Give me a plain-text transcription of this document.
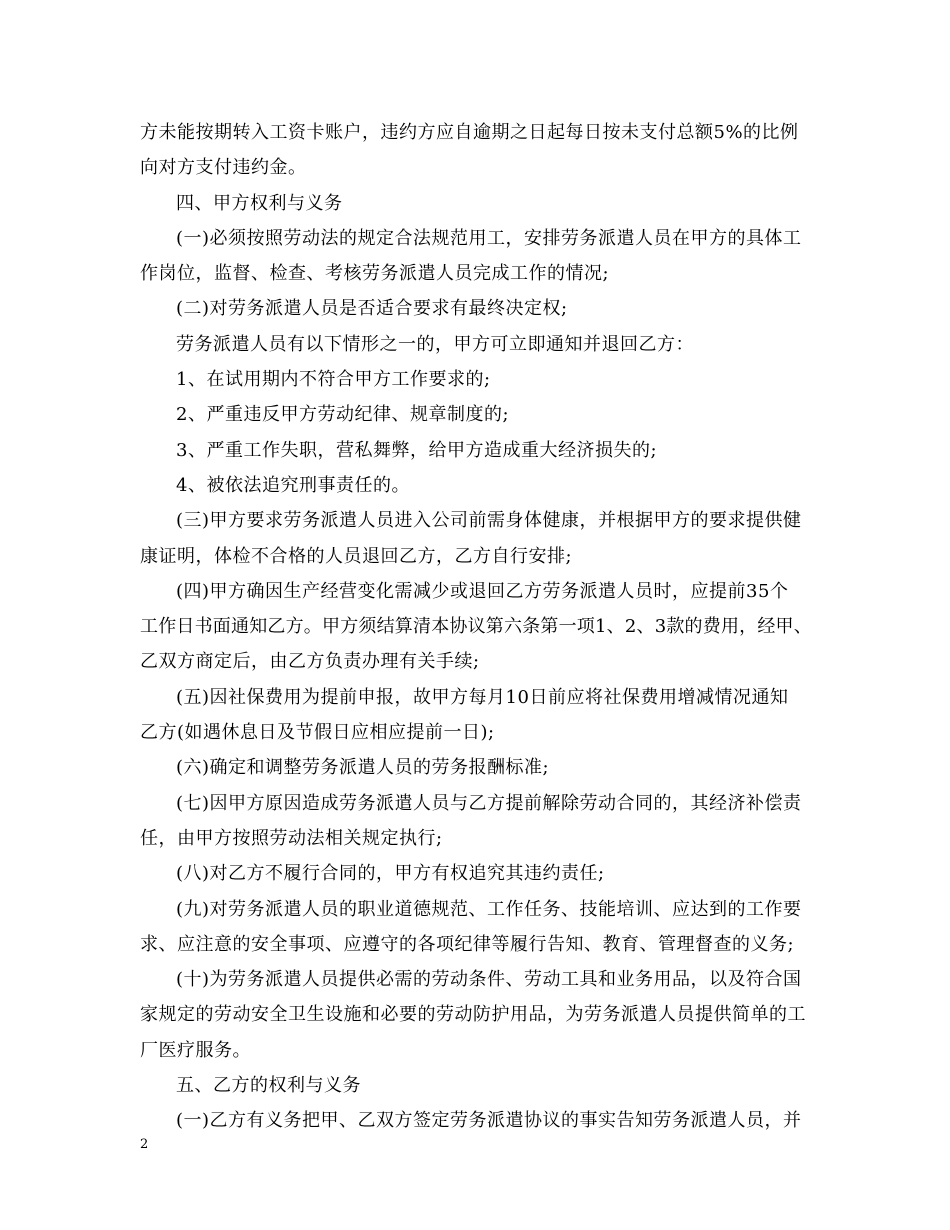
方未能按期转入工资卡账户，违约方应自逾期之日起每日按未支付总额5%的比例
向对方支付违约金。
四、甲方权利与义务
(一)必须按照劳动法的规定合法规范用工，安排劳务派遣人员在甲方的具体工
作岗位，监督、检查、考核劳务派遣人员完成工作的情况;
(二)对劳务派遣人员是否适合要求有最终决定权;
劳务派遣人员有以下情形之一的，甲方可立即通知并退回乙方：
1、在试用期内不符合甲方工作要求的;
2、严重违反甲方劳动纪律、规章制度的;
3、严重工作失职，营私舞弊，给甲方造成重大经济损失的;
4、被依法追究刑事责任的。
(三)甲方要求劳务派遣人员进入公司前需身体健康，并根据甲方的要求提供健
康证明，体检不合格的人员退回乙方，乙方自行安排;
(四)甲方确因生产经营变化需减少或退回乙方劳务派遣人员时，应提前35个
工作日书面通知乙方。甲方须结算清本协议第六条第一项1、2、3款的费用，经甲、
乙双方商定后，由乙方负责办理有关手续;
(五)因社保费用为提前申报，故甲方每月10日前应将社保费用增减情况通知
乙方(如遇休息日及节假日应相应提前一日);
(六)确定和调整劳务派遣人员的劳务报酬标准;
(七)因甲方原因造成劳务派遣人员与乙方提前解除劳动合同的，其经济补偿责
任，由甲方按照劳动法相关规定执行;
(八)对乙方不履行合同的，甲方有权追究其违约责任;
(九)对劳务派遣人员的职业道德规范、工作任务、技能培训、应达到的工作要
求、应注意的安全事项、应遵守的各项纪律等履行告知、教育、管理督查的义务;
(十)为劳务派遣人员提供必需的劳动条件、劳动工具和业务用品，以及符合国
家规定的劳动安全卫生设施和必要的劳动防护用品，为劳务派遣人员提供简单的工
厂医疗服务。
五、乙方的权利与义务
(一)乙方有义务把甲、乙双方签定劳务派遣协议的事实告知劳务派遣人员，并
2
